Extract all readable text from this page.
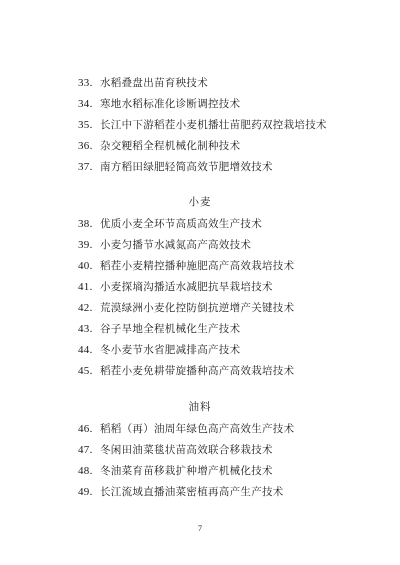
33. 水稻叠盘出苗育秧技术
34. 寒地水稻标准化诊断调控技术
35. 长江中下游稻茬小麦机播壮苗肥药双控栽培技术
36. 杂交粳稻全程机械化制种技术
37. 南方稻田绿肥轻简高效节肥增效技术
小麦
38. 优质小麦全环节高质高效生产技术
39. 小麦匀播节水减氮高产高效技术
40. 稻茬小麦精控播种施肥高产高效栽培技术
41. 小麦探墒沟播适水减肥抗旱栽培技术
42. 荒漠绿洲小麦化控防倒抗逆增产关键技术
43. 谷子旱地全程机械化生产技术
44. 冬小麦节水省肥减排高产技术
45. 稻茬小麦免耕带旋播种高产高效栽培技术
油料
46. 稻稻（再）油周年绿色高产高效生产技术
47. 冬闲田油菜毯状苗高效联合移栽技术
48. 冬油菜育苗移栽扩种增产机械化技术
49. 长江流域直播油菜密植再高产生产技术
7
